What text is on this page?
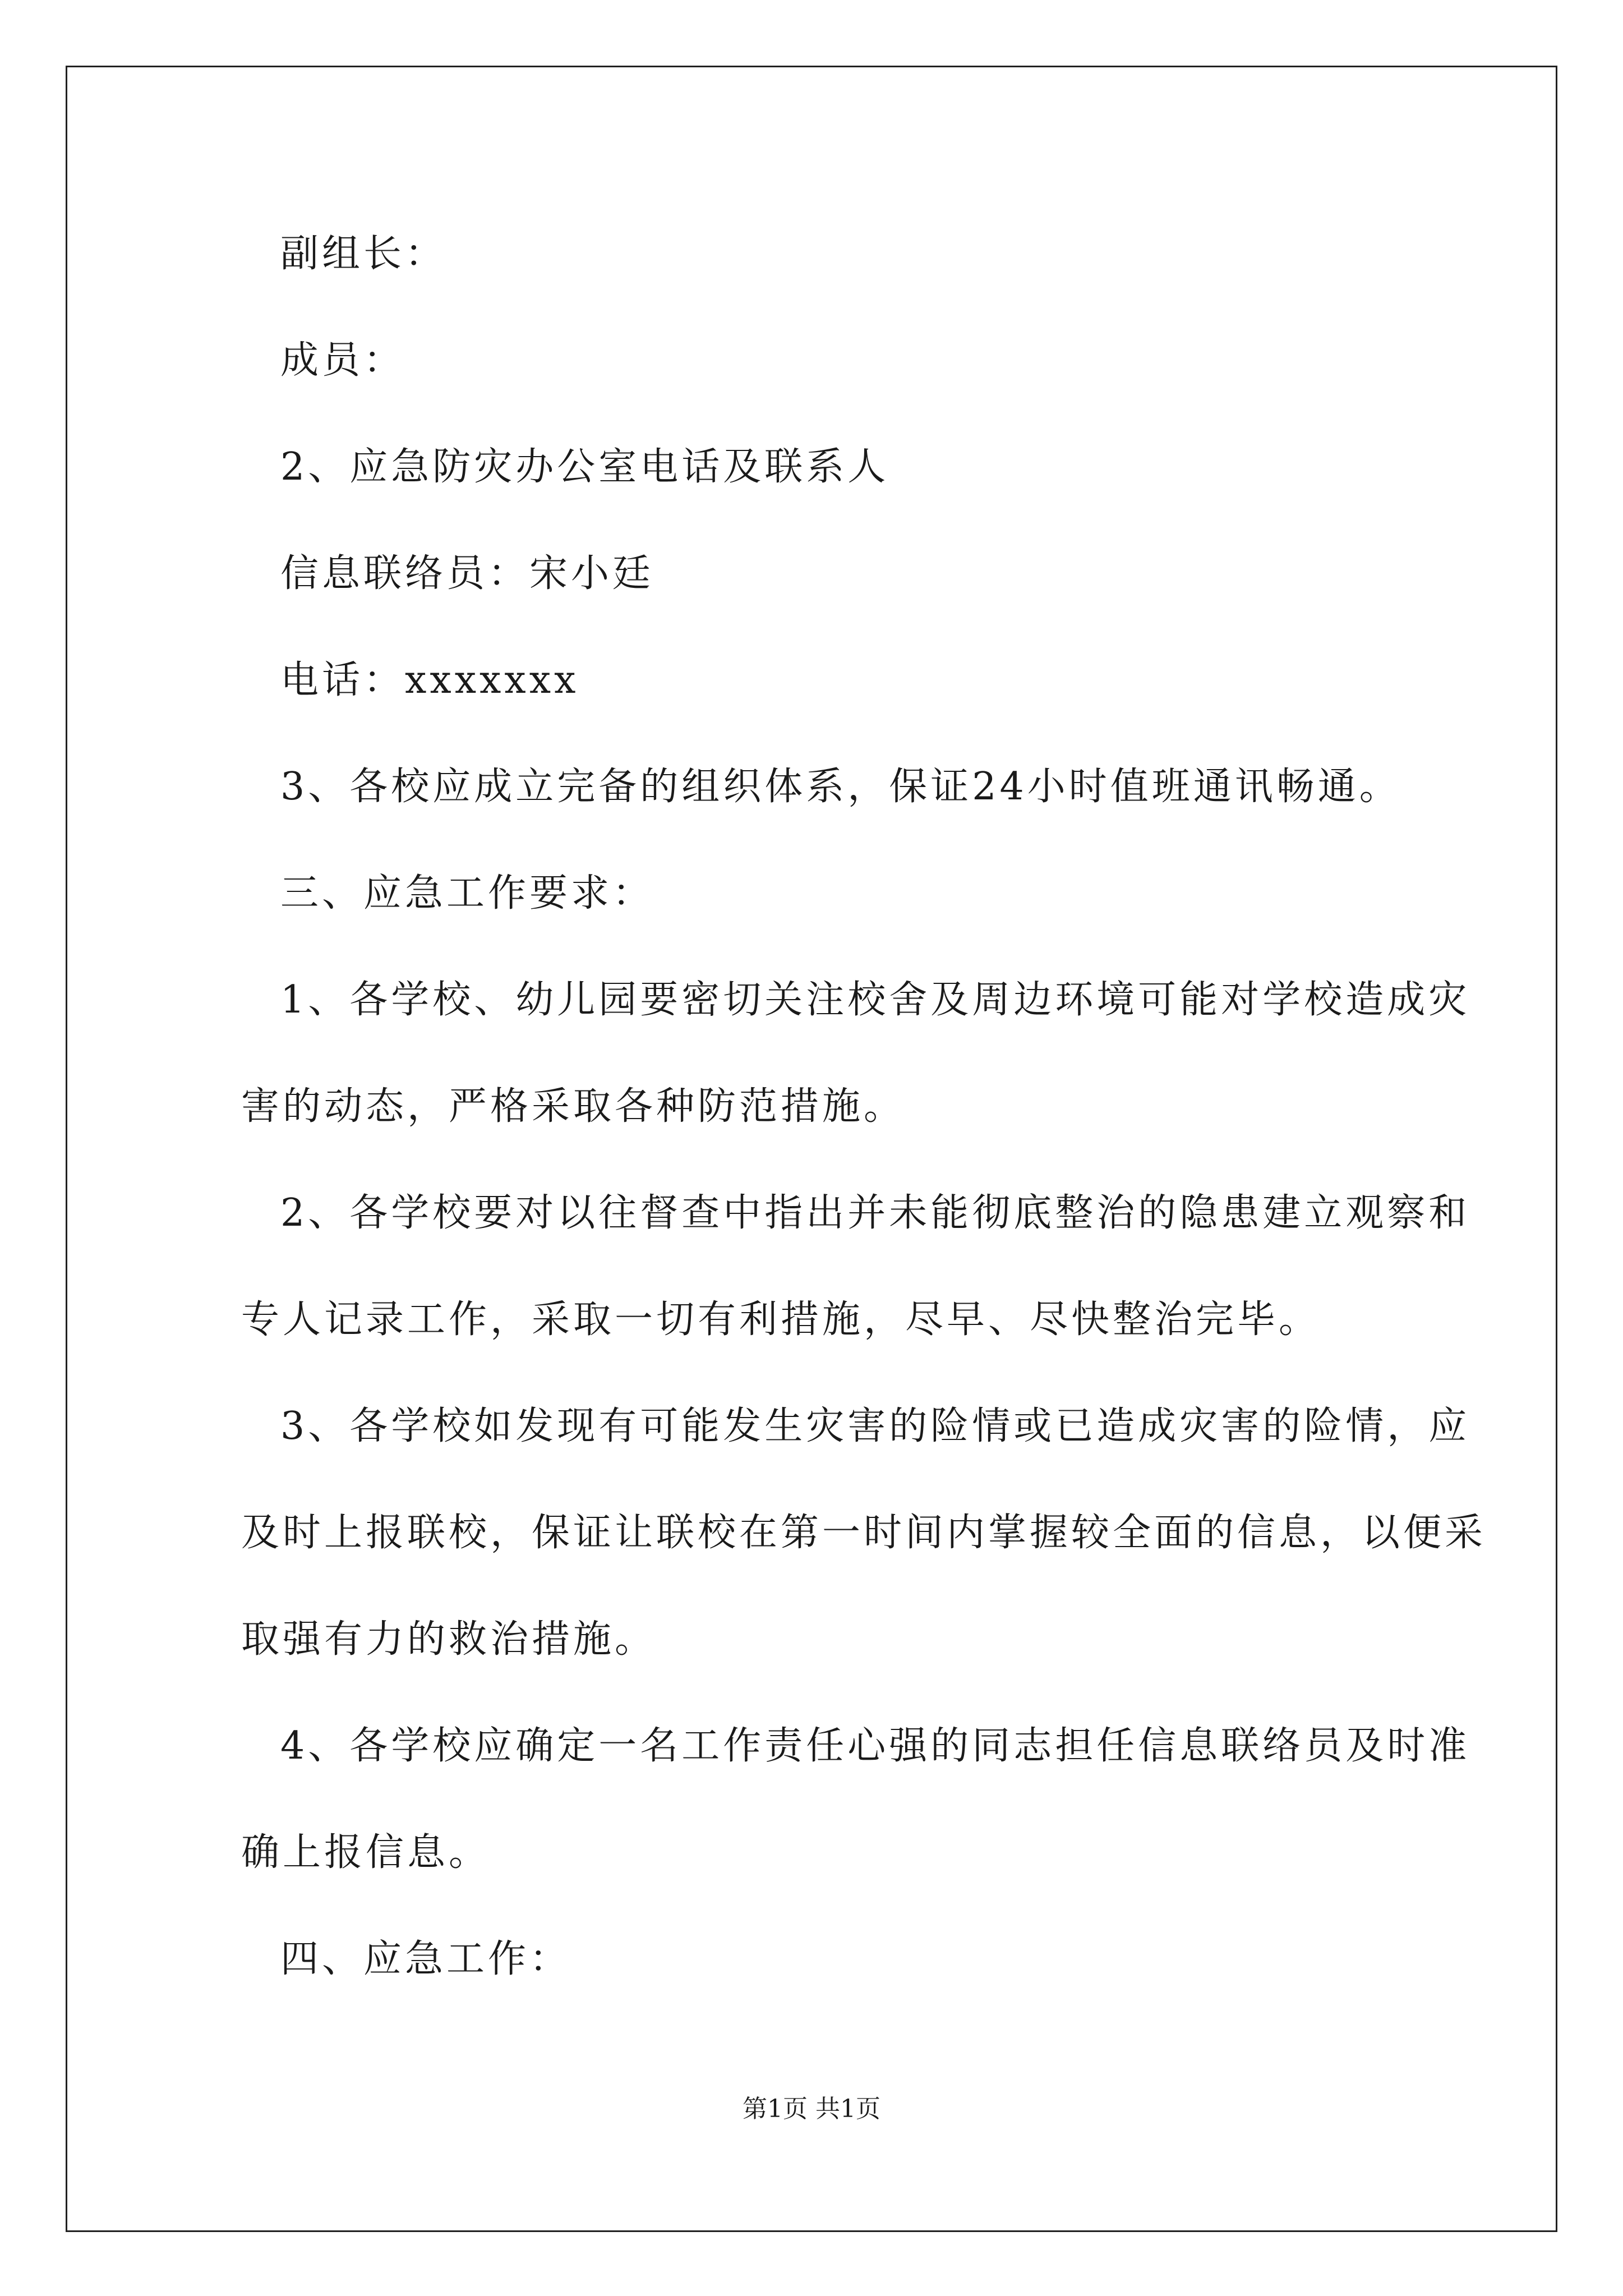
副组长：
成员：
2、应急防灾办公室电话及联系人
信息联络员：宋小廷
电话：xxxxxxx
3、各校应成立完备的组织体系，保证24小时值班通讯畅通。
三、应急工作要求：
1、各学校、幼儿园要密切关注校舍及周边环境可能对学校造成灾
害的动态，严格采取各种防范措施。
2、各学校要对以往督查中指出并未能彻底整治的隐患建立观察和
专人记录工作，采取一切有利措施，尽早、尽快整治完毕。
3、各学校如发现有可能发生灾害的险情或已造成灾害的险情，应
及时上报联校，保证让联校在第一时间内掌握较全面的信息，以便采
取强有力的救治措施。
4、各学校应确定一名工作责任心强的同志担任信息联络员及时准
确上报信息。
四、应急工作：
第1页 共1页
